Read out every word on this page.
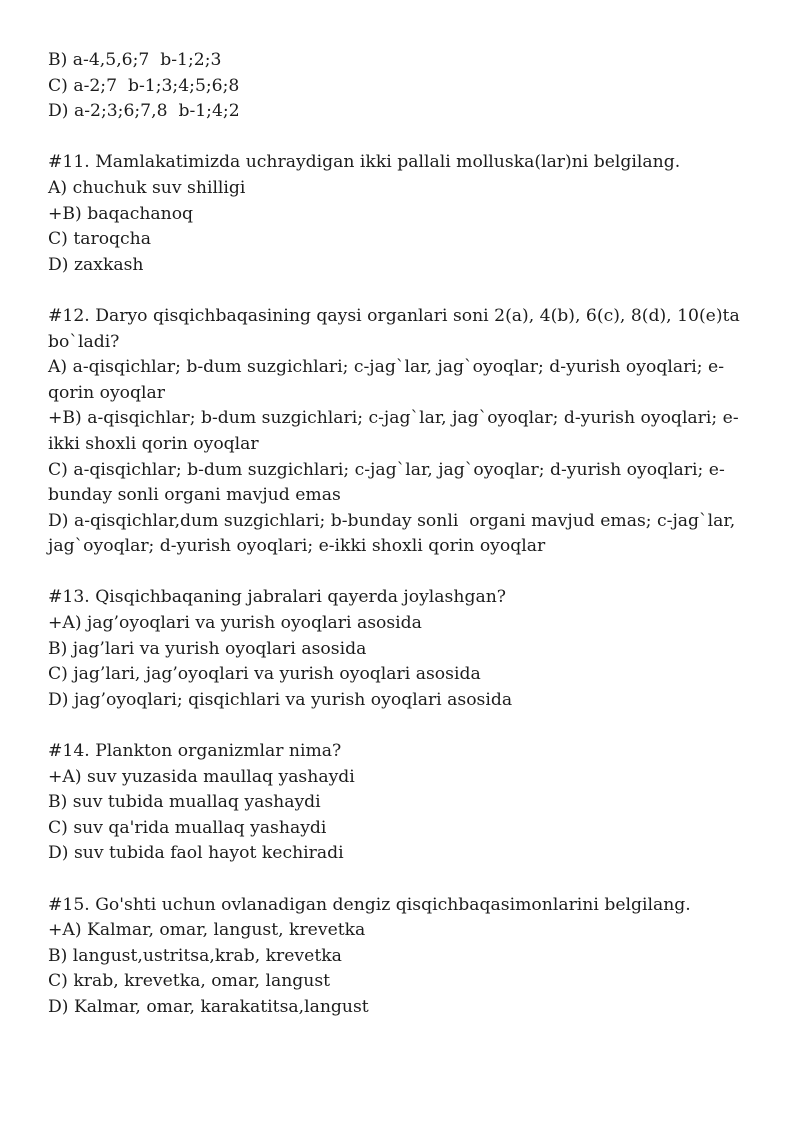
B) a-4,5,6;7  b-1;2;3

C) a-2;7  b-1;3;4;5;6;8

D) a-2;3;6;7,8  b-1;4;2

#11. Mamlakatimizda uchraydigan ikki pallali molluska(lar)ni belgilang.

A) chuchuk suv shilligi

+B) baqachanoq

C) taroqcha

D) zaxkash

#12. Daryo qisqichbaqasining qaysi organlari soni 2(a), 4(b), 6(c), 8(d), 10(e)ta bo`ladi?

A) a-qisqichlar; b-dum suzgichlari; c-jag`lar, jag`oyoqlar; d-yurish oyoqlari; e-qorin oyoqlar

+B) a-qisqichlar; b-dum suzgichlari; c-jag`lar, jag`oyoqlar; d-yurish oyoqlari; e-ikki shoxli qorin oyoqlar

C) a-qisqichlar; b-dum suzgichlari; c-jag`lar, jag`oyoqlar; d-yurish oyoqlari; e-bunday sonli organi mavjud emas

D) a-qisqichlar,dum suzgichlari; b-bunday sonli  organi mavjud emas; c-jag`lar, jag`oyoqlar; d-yurish oyoqlari; e-ikki shoxli qorin oyoqlar

#13. Qisqichbaqaning jabralari qayerda joylashgan?

+A) jag’oyoqlari va yurish oyoqlari asosida

B) jag’lari va yurish oyoqlari asosida

C) jag’lari, jag’oyoqlari va yurish oyoqlari asosida

D) jag’oyoqlari; qisqichlari va yurish oyoqlari asosida

#14. Plankton organizmlar nima?

+A) suv yuzasida maullaq yashaydi

B) suv tubida muallaq yashaydi

C) suv qa'rida muallaq yashaydi

D) suv tubida faol hayot kechiradi

#15. Go'shti uchun ovlanadigan dengiz qisqichbaqasimonlarini belgilang.

+A) Kalmar, omar, langust, krevetka

B) langust,ustritsa,krab, krevetka

C) krab, krevetka, omar, langust

D) Kalmar, omar, karakatitsa,langust
